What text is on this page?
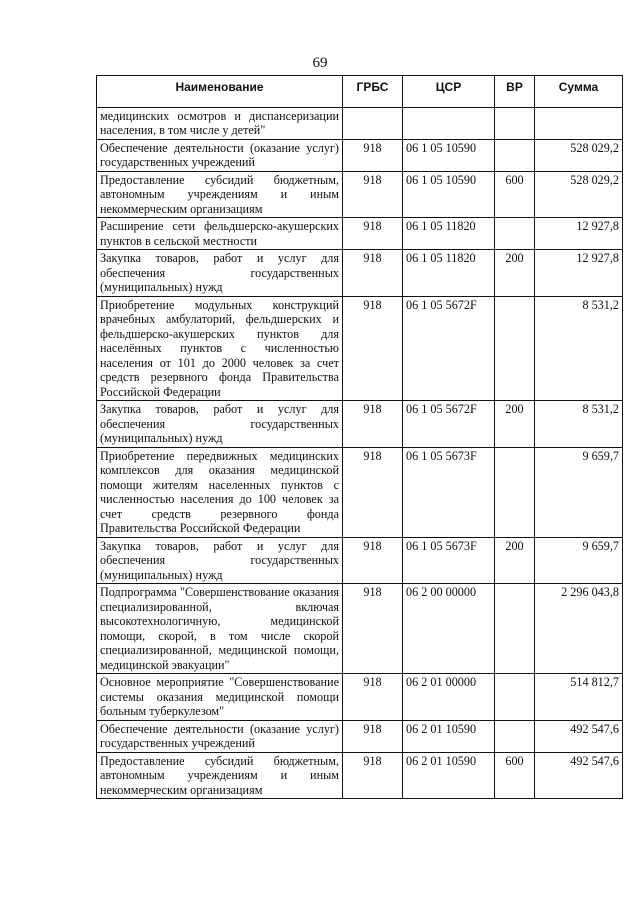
69
Наименование	ГРБС	ЦСР	ВР	Сумма
медицинских осмотров и диспансеризации населения, в том числе у детей"				
Обеспечение деятельности (оказание услуг) государственных учреждений	918	06 1 05 10590		528 029,2
Предоставление субсидий бюджетным, автономным учреждениям и иным некоммерческим организациям	918	06 1 05 10590	600	528 029,2
Расширение сети фельдшерско-акушерских пунктов в сельской местности	918	06 1 05 11820		12 927,8
Закупка товаров, работ и услуг для обеспечения государственных (муниципальных) нужд	918	06 1 05 11820	200	12 927,8
Приобретение модульных конструкций врачебных амбулаторий, фельдшерских и фельдшерско-акушерских пунктов для населённых пунктов с численностью населения от 101 до 2000 человек за счет средств резервного фонда Правительства Российской Федерации	918	06 1 05 5672F		8 531,2
Закупка товаров, работ и услуг для обеспечения государственных (муниципальных) нужд	918	06 1 05 5672F	200	8 531,2
Приобретение передвижных медицинских комплексов для оказания медицинской помощи жителям населенных пунктов с численностью населения до 100 человек за счет средств резервного фонда Правительства Российской Федерации	918	06 1 05 5673F		9 659,7
Закупка товаров, работ и услуг для обеспечения государственных (муниципальных) нужд	918	06 1 05 5673F	200	9 659,7
Подпрограмма "Совершенствование оказания специализированной, включая высокотехнологичную, медицинской помощи, скорой, в том числе скорой специализированной, медицинской помощи, медицинской эвакуации"	918	06 2 00 00000		2 296 043,8
Основное мероприятие "Совершенствование системы оказания медицинской помощи больным туберкулезом"	918	06 2 01 00000		514 812,7
Обеспечение деятельности (оказание услуг) государственных учреждений	918	06 2 01 10590		492 547,6
Предоставление субсидий бюджетным, автономным учреждениям и иным некоммерческим организациям	918	06 2 01 10590	600	492 547,6
